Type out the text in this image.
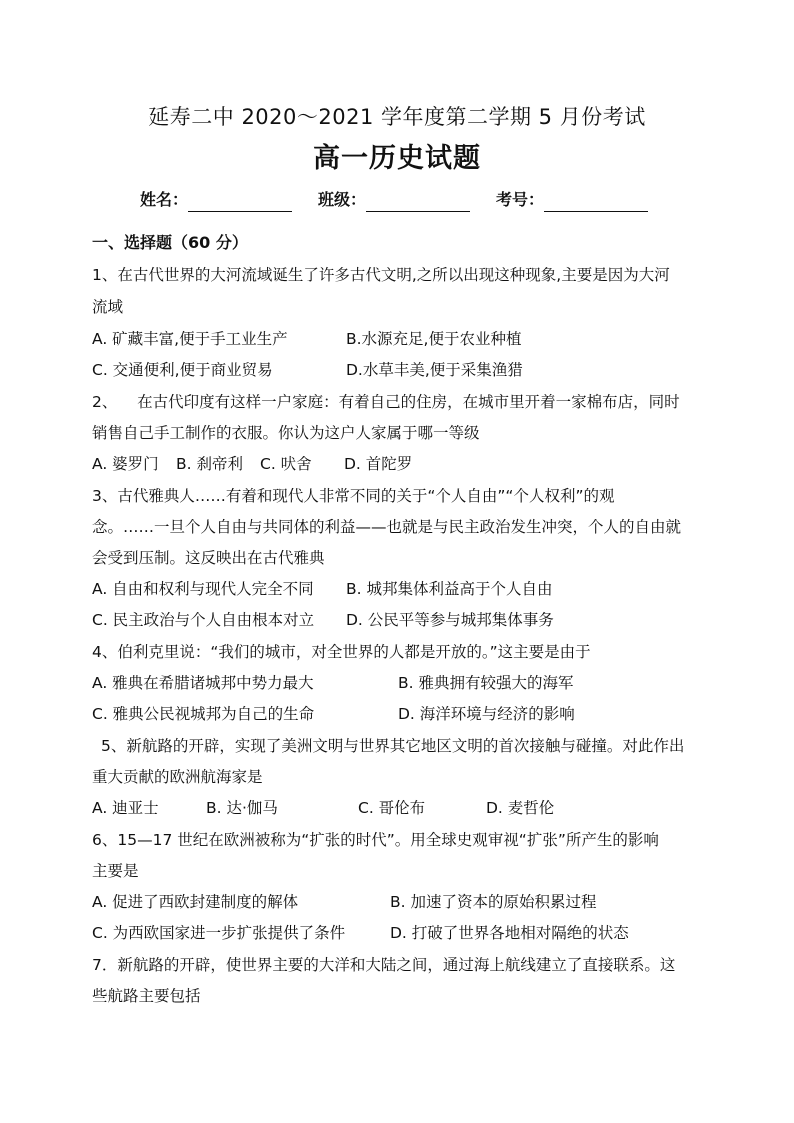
延寿二中 2020～2021 学年度第二学期 5 月份考试
高一历史试题
姓名：	班级：	考号：
一、选择题（60 分）
1、在古代世界的大河流域诞生了许多古代文明,之所以出现这种现象,主要是因为大河
流域
A. 矿藏丰富,便于手工业生产	B.水源充足,便于农业种植
C. 交通便利,便于商业贸易	D.水草丰美,便于采集渔猎
2、    在古代印度有这样一户家庭：有着自己的住房，在城市里开着一家棉布店，同时
销售自己手工制作的衣服。你认为这户人家属于哪一等级
A. 婆罗门 B. 刹帝利 C. 吠舍 D. 首陀罗
3、古代雅典人……有着和现代人非常不同的关于“个人自由”“个人权利”的观
念。……一旦个人自由与共同体的利益——也就是与民主政治发生冲突，个人的自由就
会受到压制。这反映出在古代雅典
A. 自由和权利与现代人完全不同 B. 城邦集体利益高于个人自由
C. 民主政治与个人自由根本对立 D. 公民平等参与城邦集体事务
4、伯利克里说：“我们的城市，对全世界的人都是开放的。”这主要是由于
A. 雅典在希腊诸城邦中势力最大	B. 雅典拥有较强大的海军
C. 雅典公民视城邦为自己的生命	D. 海洋环境与经济的影响
5、新航路的开辟，实现了美洲文明与世界其它地区文明的首次接触与碰撞。对此作出
重大贡献的欧洲航海家是
A. 迪亚士	B. 达·伽马	C. 哥伦布	D. 麦哲伦
6、15—17 世纪在欧洲被称为“扩张的时代”。用全球史观审视“扩张”所产生的影响
主要是
A. 促进了西欧封建制度的解体	B. 加速了资本的原始积累过程
C. 为西欧国家进一步扩张提供了条件	D. 打破了世界各地相对隔绝的状态
7．新航路的开辟，使世界主要的大洋和大陆之间，通过海上航线建立了直接联系。这
些航路主要包括
